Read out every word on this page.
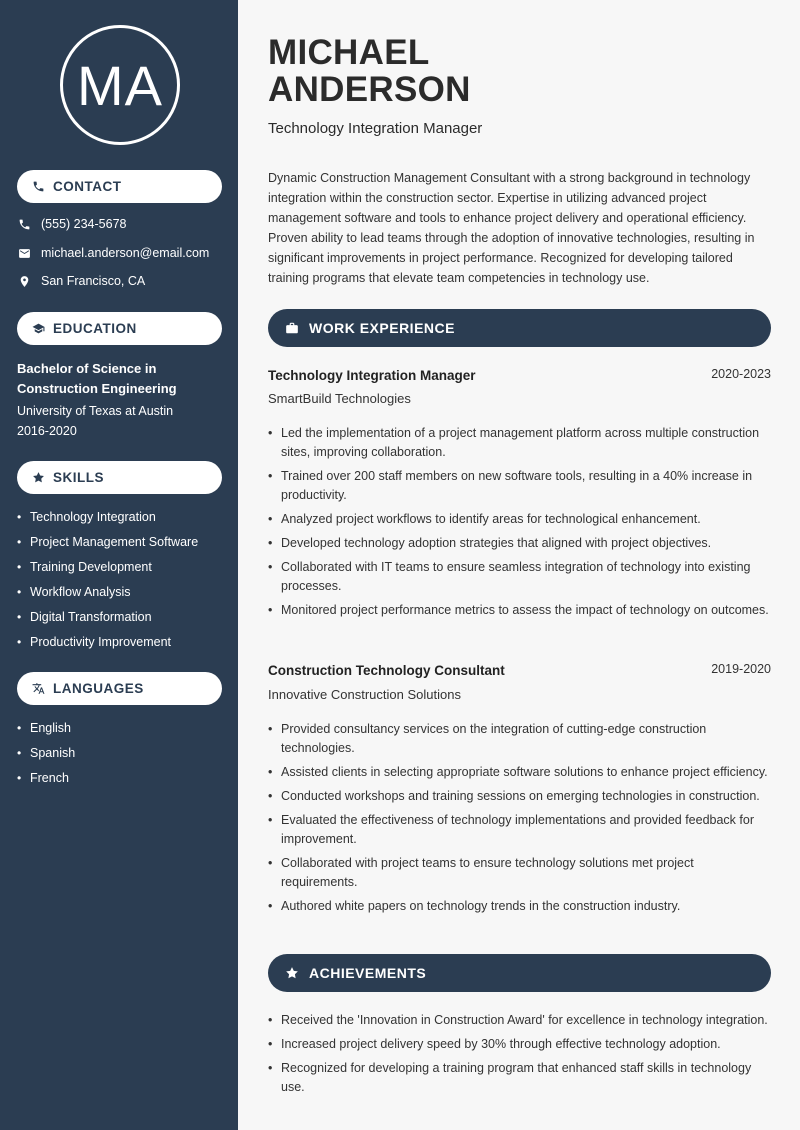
MA
CONTACT
(555) 234-5678
michael.anderson@email.com
San Francisco, CA
EDUCATION
Bachelor of Science in Construction Engineering
University of Texas at Austin
2016-2020
SKILLS
• Technology Integration
• Project Management Software
• Training Development
• Workflow Analysis
• Digital Transformation
• Productivity Improvement
LANGUAGES
• English
• Spanish
• French
MICHAEL
ANDERSON
Technology Integration Manager

Dynamic Construction Management Consultant with a strong background in technology integration within the construction sector. Expertise in utilizing advanced project management software and tools to enhance project delivery and operational efficiency. Proven ability to lead teams through the adoption of innovative technologies, resulting in significant improvements in project performance. Recognized for developing tailored training programs that elevate team competencies in technology use.

WORK EXPERIENCE
Technology Integration Manager	2020-2023
SmartBuild Technologies
• Led the implementation of a project management platform across multiple construction sites, improving collaboration.
• Trained over 200 staff members on new software tools, resulting in a 40% increase in productivity.
• Analyzed project workflows to identify areas for technological enhancement.
• Developed technology adoption strategies that aligned with project objectives.
• Collaborated with IT teams to ensure seamless integration of technology into existing processes.
• Monitored project performance metrics to assess the impact of technology on outcomes.
Construction Technology Consultant	2019-2020
Innovative Construction Solutions
• Provided consultancy services on the integration of cutting-edge construction technologies.
• Assisted clients in selecting appropriate software solutions to enhance project efficiency.
• Conducted workshops and training sessions on emerging technologies in construction.
• Evaluated the effectiveness of technology implementations and provided feedback for improvement.
• Collaborated with project teams to ensure technology solutions met project requirements.
• Authored white papers on technology trends in the construction industry.
ACHIEVEMENTS
• Received the 'Innovation in Construction Award' for excellence in technology integration.
• Increased project delivery speed by 30% through effective technology adoption.
• Recognized for developing a training program that enhanced staff skills in technology use.
